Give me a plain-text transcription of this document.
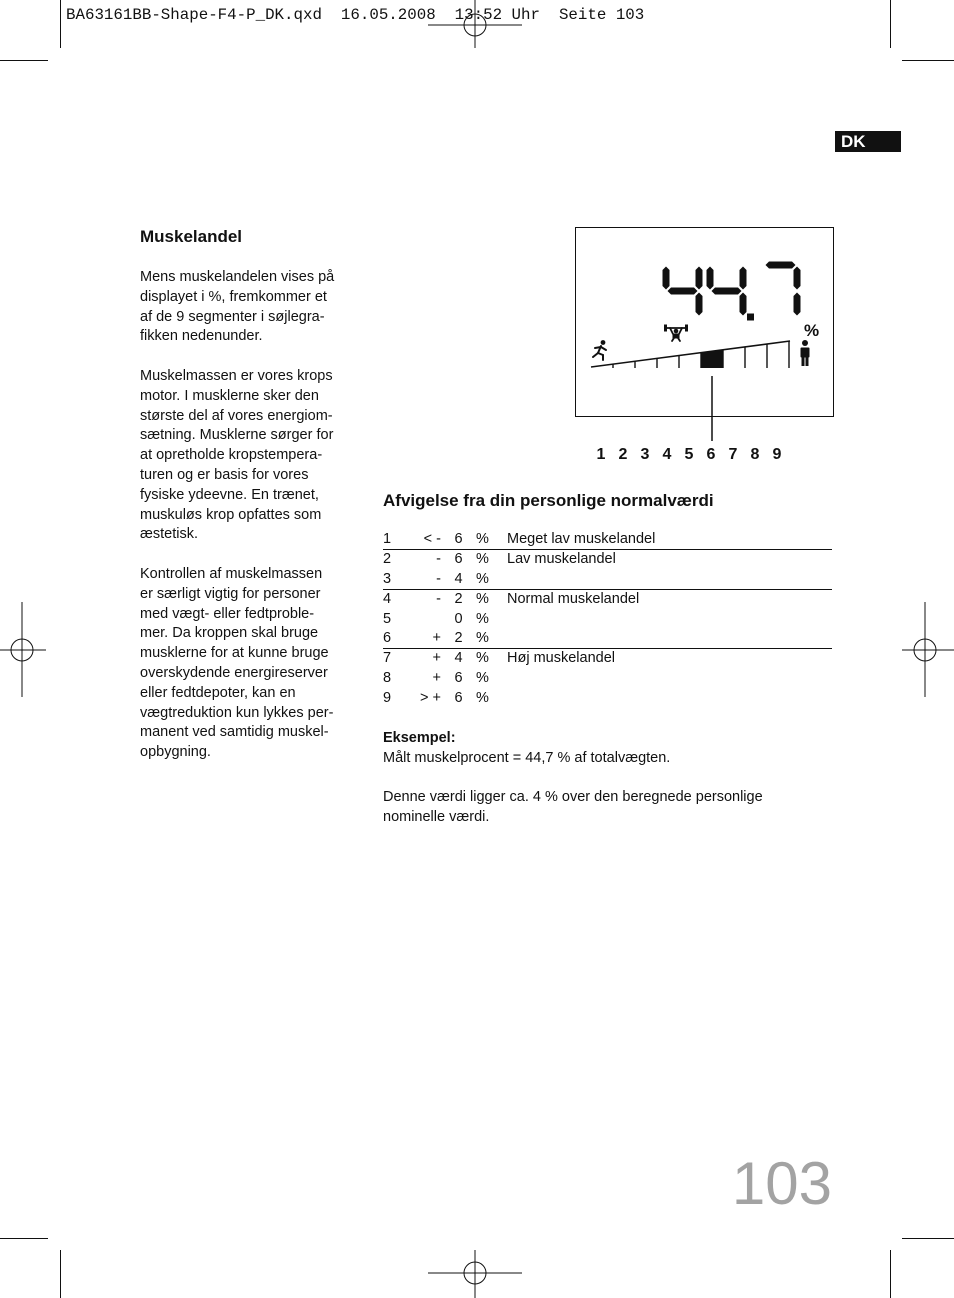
BA63161BB-Shape-F4-P_DK.qxd  16.05.2008  13:52 Uhr  Seite 103
DK
Muskelandel
Mens muskelandelen vises på
displayet i %, fremkommer et
af de 9 segmenter i søjlegra-
fikken nedenunder.
Muskelmassen er vores krops
motor. I musklerne sker den
største del af vores energiom-
sætning. Musklerne sørger for
at opretholde kropstempera-
turen og er basis for vores
fysiske ydeevne. En trænet,
muskuløs krop opfattes som
æstetisk.
Kontrollen af muskelmassen
er særligt vigtig for personer
med vægt- eller fedtproble-
mer. Da kroppen skal bruge
musklerne for at kunne bruge
overskydende energireserver
eller fedtdepoter, kan en
vægtreduktion kun lykkes per-
manent ved samtidig muskel-
opbygning.
%
1 2 3 4 5 6 7 8 9
Afvigelse fra din personlige normalværdi
1	< - 6 %	Meget lav muskelandel
2	- 6 %	Lav muskelandel
3	- 4 %
4	- 2 %	Normal muskelandel
5	0 %
6	+ 2 %
7	+ 4 %	Høj muskelandel
8	+ 6 %
9	> + 6 %
Eksempel:
Målt muskelprocent = 44,7 % af totalvægten.
Denne værdi ligger ca. 4 % over den beregnede personlige
nominelle værdi.
103
